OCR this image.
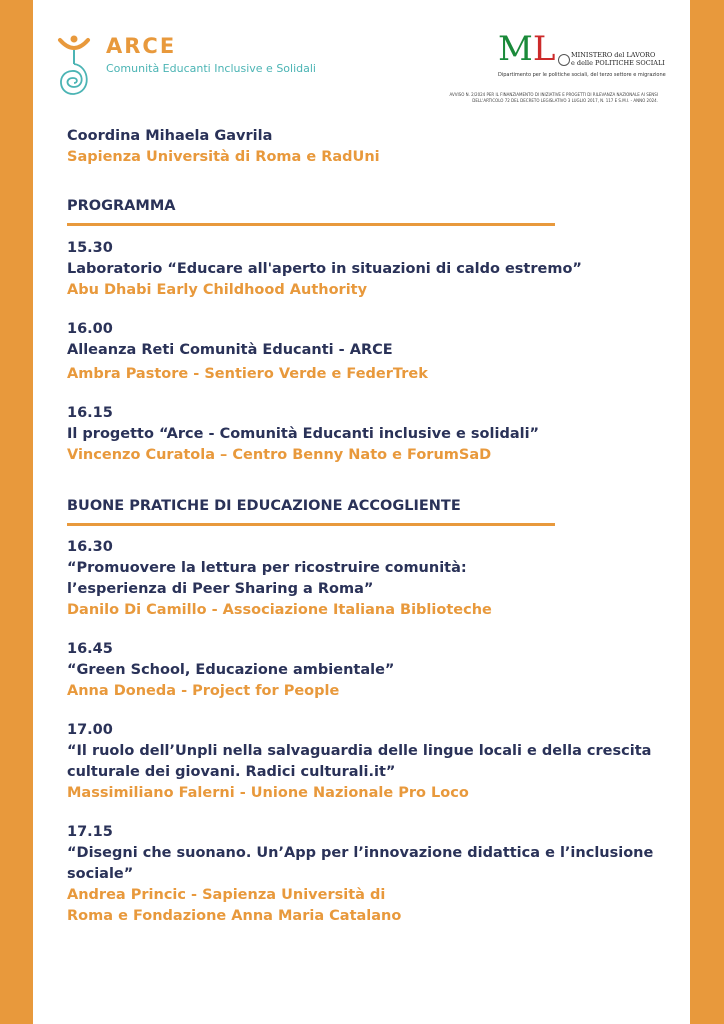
ARCE
Comunità Educanti Inclusive e Solidali	ML MINISTERO del LAVORO
e delle POLITICHE SOCIALI
Dipartimento per le politiche sociali, del terzo settore e migrazione
AVVISO N. 2/2024 PER IL FINANZIAMENTO DI INIZIATIVE E PROGETTI DI RILEVANZA NAZIONALE AI SENSI
DELL'ARTICOLO 72 DEL DECRETO LEGISLATIVO 3 LUGLIO 2017, N. 117 E S.M.I. - ANNO 2024.
Coordina Mihaela Gavrila
Sapienza Università di Roma e RadUni
PROGRAMMA
15.30
Laboratorio “Educare all'aperto in situazioni di caldo estremo”
Abu Dhabi Early Childhood Authority
16.00
Alleanza Reti Comunità Educanti - ARCE
Ambra Pastore - Sentiero Verde e FederTrek
16.15
Il progetto “Arce - Comunità Educanti inclusive e solidali”
Vincenzo Curatola – Centro Benny Nato e ForumSaD
BUONE PRATICHE DI EDUCAZIONE ACCOGLIENTE
16.30
“Promuovere la lettura per ricostruire comunità:
l’esperienza di Peer Sharing a Roma”
Danilo Di Camillo - Associazione Italiana Biblioteche
16.45
“Green School, Educazione ambientale”
Anna Doneda - Project for People
17.00
“Il ruolo dell’Unpli nella salvaguardia delle lingue locali e della crescita
culturale dei giovani. Radici culturali.it”
Massimiliano Falerni - Unione Nazionale Pro Loco
17.15
“Disegni che suonano. Un’App per l’innovazione didattica e l’inclusione
sociale”
Andrea Princic - Sapienza Università di
Roma e Fondazione Anna Maria Catalano
